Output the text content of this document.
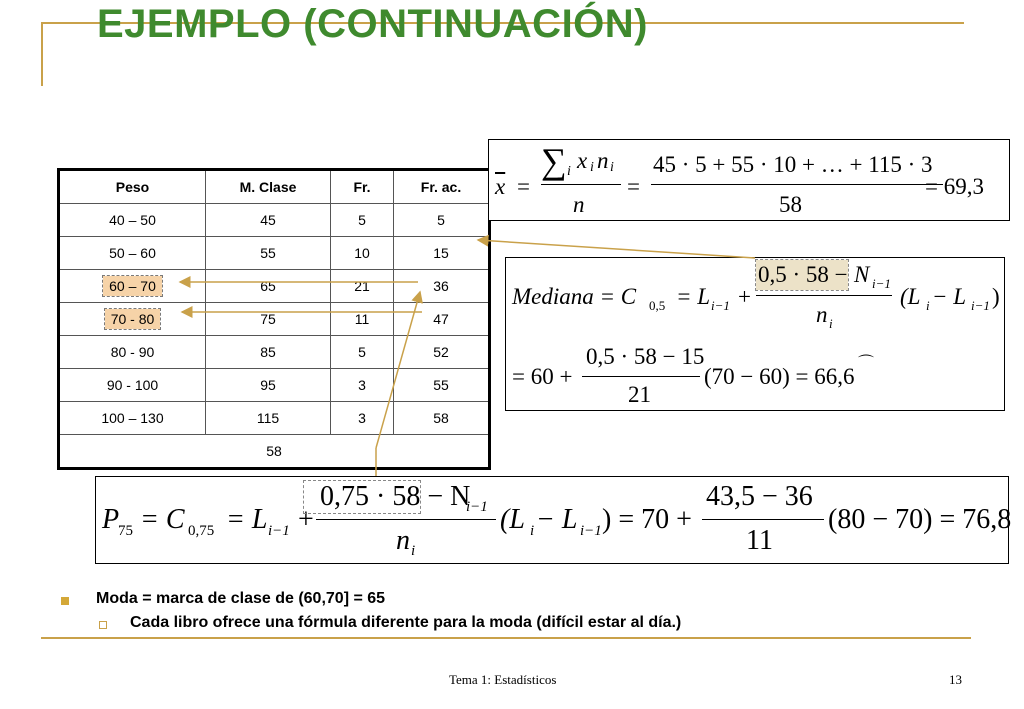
EJEMPLO (CONTINUACIÓN)
Peso	M. Clase	Fr.	Fr. ac.
40 – 50	45	5	5
50 – 60	55	10	15
60 – 70	65	21	36
70 - 80	75	11	47
80 - 90	85	5	52
90 - 100	95	3	55
100 – 130	115	3	58
58			
$\overline{x}$ =
∑ i x i n i
n
=
45 · 5 + 55 · 10 + … + 115 · 3
58
= 69,3
Mediana = C 0,5 = L i−1 +
0,5 · 58 − N i−1
n i
(L i − L i−1 )
= 60 +
0,5 · 58 − 15
21
(70 − 60) = 66,6
⌒
P
75 = C 0,75 = L i−1 +
0,75 · 58 − N
i−1
n i
(L i − L i−1 ) = 70 +
43,5 − 36
11
(80 − 70) = 76,8
Moda = marca de clase de (60,70] = 65
Cada libro ofrece una fórmula diferente para la moda (difícil estar al día.)
Tema 1: Estadísticos	13
